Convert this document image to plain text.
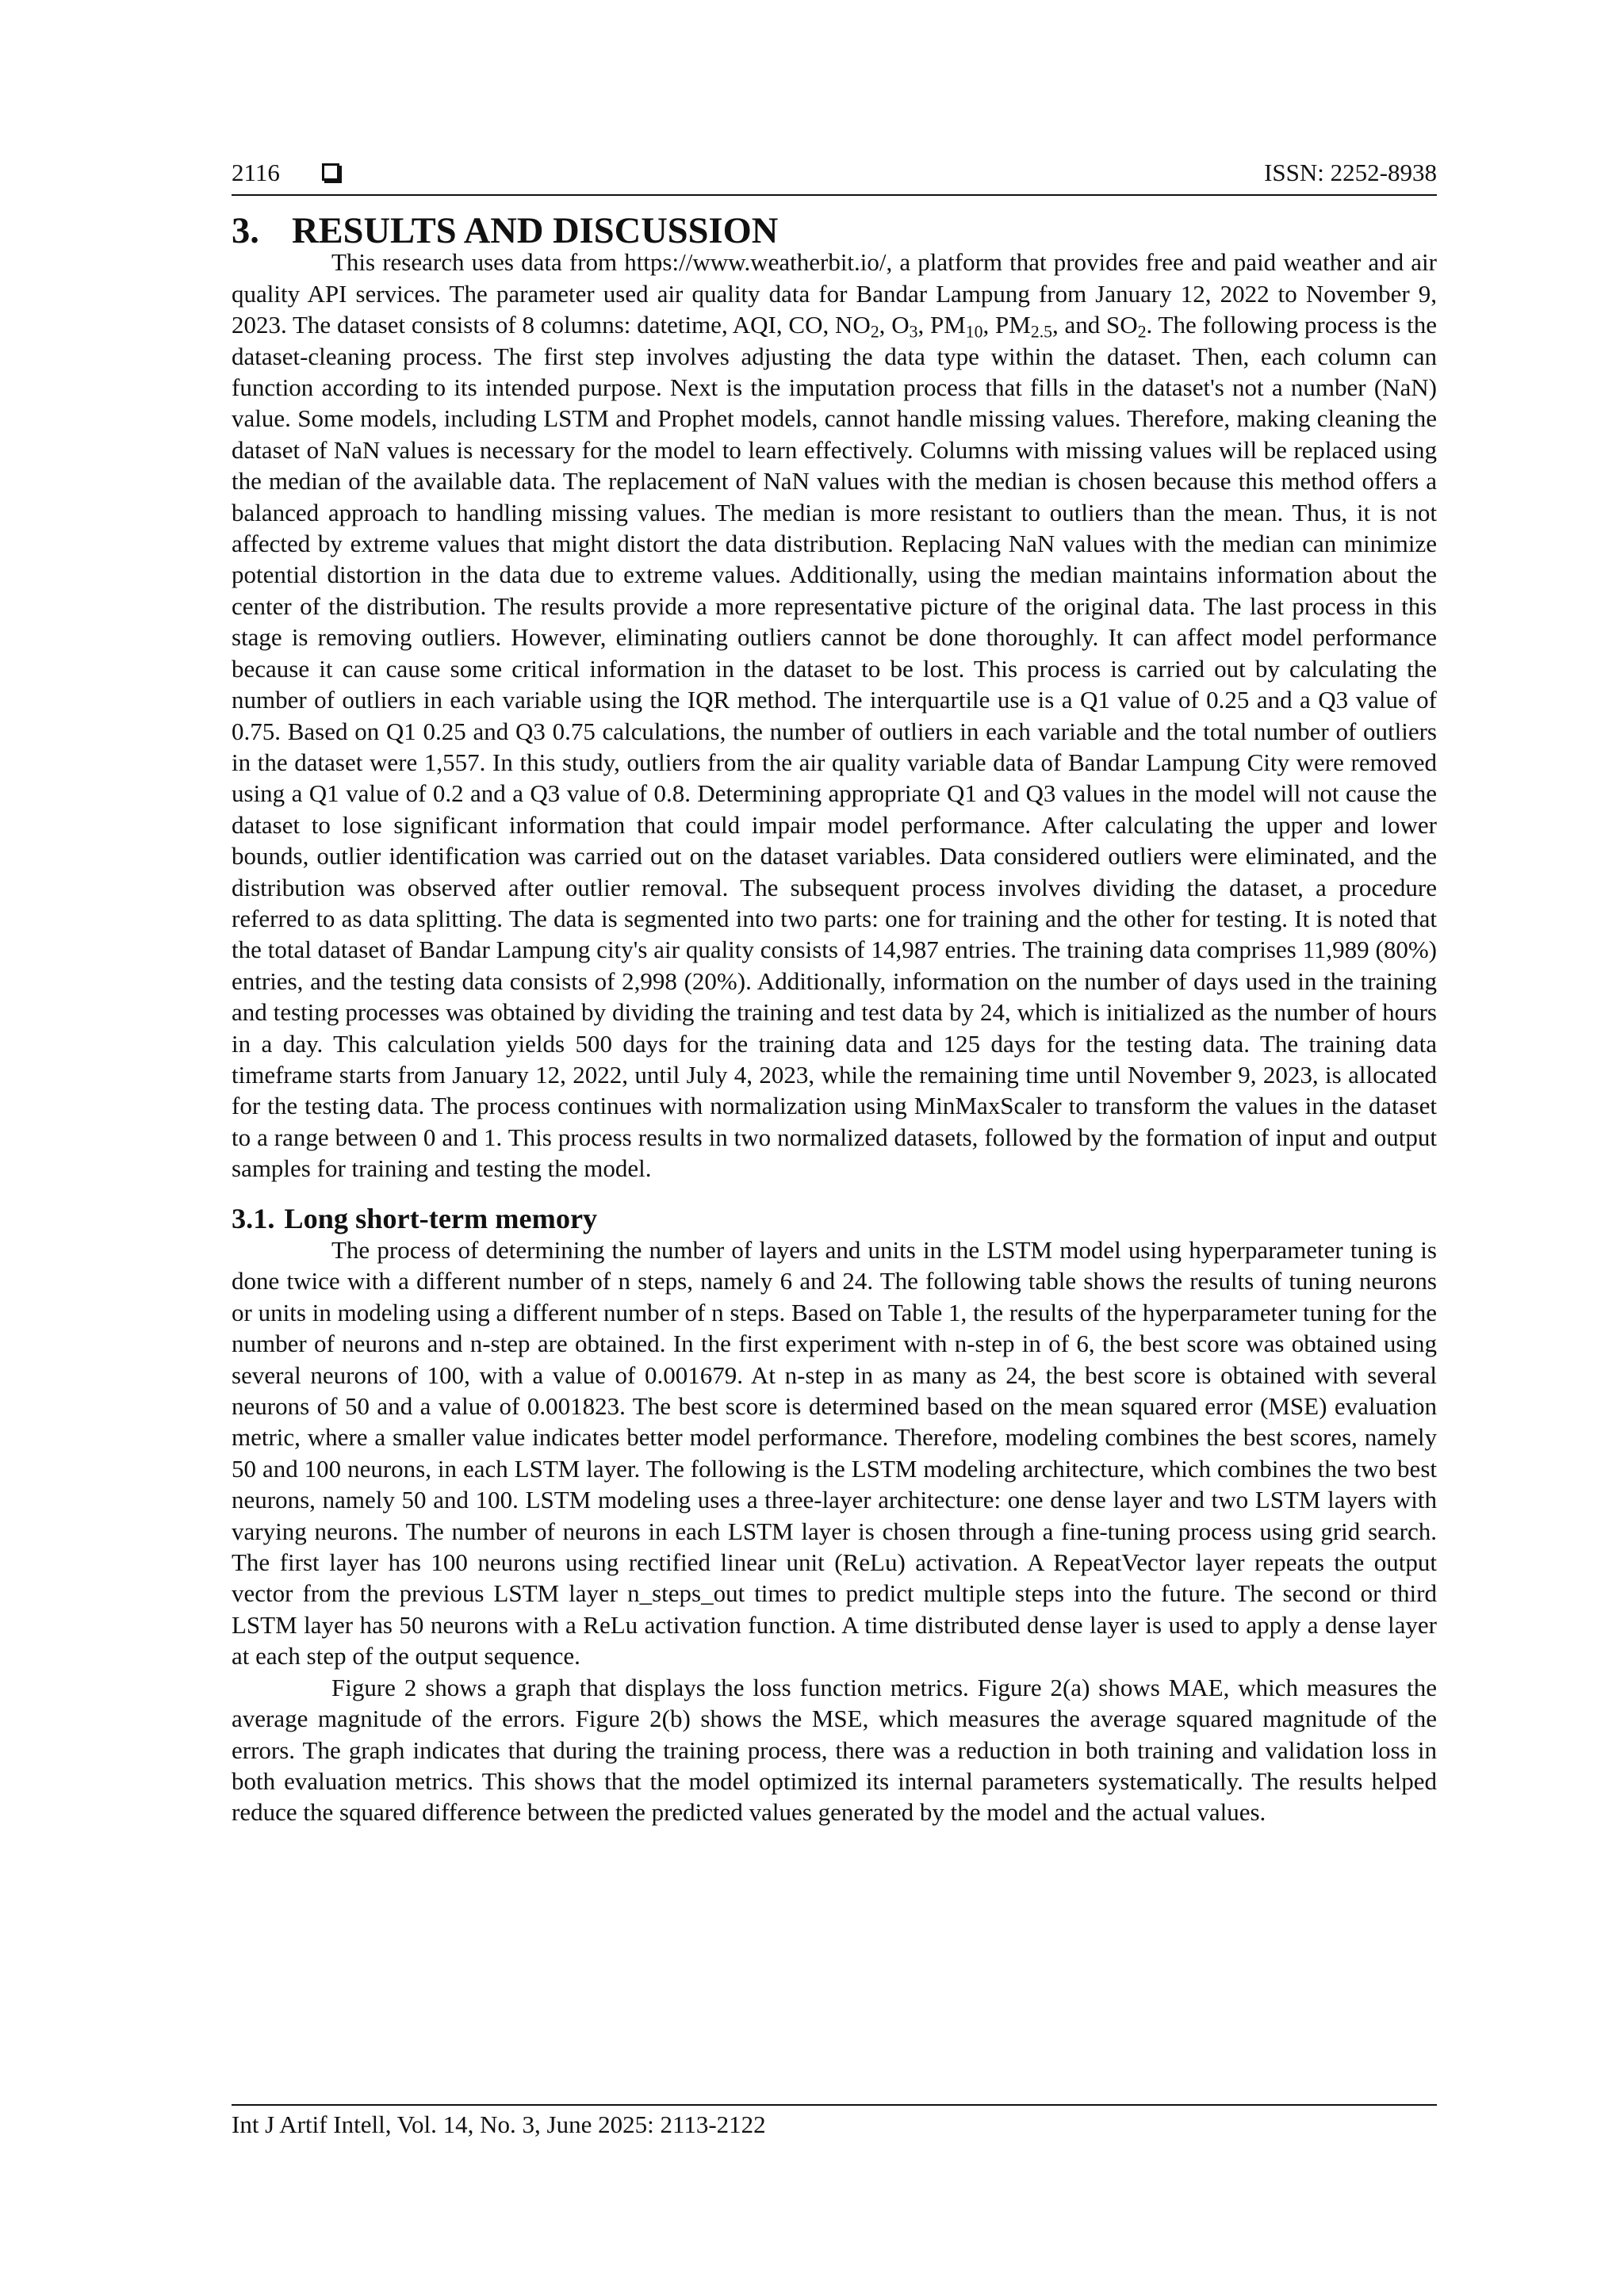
2116	ISSN: 2252-8938
3. RESULTS AND DISCUSSION

This research uses data from https://www.weatherbit.io/, a platform that provides free and paid weather and air quality API services. The parameter used air quality data for Bandar Lampung from January 12, 2022 to November 9, 2023. The dataset consists of 8 columns: datetime, AQI, CO, $NO_2$, $O_3$, $PM_{10}$, $PM_{2.5}$, and $SO_2$. The following process is the dataset-cleaning process. The first step involves adjusting the data type within the dataset. Then, each column can function according to its intended purpose. Next is the imputation process that fills in the dataset's not a number (NaN) value. Some models, including LSTM and Prophet models, cannot handle missing values. Therefore, making cleaning the dataset of NaN values is necessary for the model to learn effectively. Columns with missing values will be replaced using the median of the available data. The replacement of NaN values with the median is chosen because this method offers a balanced approach to handling missing values. The median is more resistant to outliers than the mean. Thus, it is not affected by extreme values that might distort the data distribution. Replacing NaN values with the median can minimize potential distortion in the data due to extreme values. Additionally, using the median maintains information about the center of the distribution. The results provide a more representative picture of the original data. The last process in this stage is removing outliers. However, eliminating outliers cannot be done thoroughly. It can affect model performance because it can cause some critical information in the dataset to be lost. This process is carried out by calculating the number of outliers in each variable using the IQR method. The interquartile use is a Q1 value of 0.25 and a Q3 value of 0.75. Based on Q1 0.25 and Q3 0.75 calculations, the number of outliers in each variable and the total number of outliers in the dataset were 1,557. In this study, outliers from the air quality variable data of Bandar Lampung City were removed using a Q1 value of 0.2 and a Q3 value of 0.8. Determining appropriate Q1 and Q3 values in the model will not cause the dataset to lose significant information that could impair model performance. After calculating the upper and lower bounds, outlier identification was carried out on the dataset variables. Data considered outliers were eliminated, and the distribution was observed after outlier removal. The subsequent process involves dividing the dataset, a procedure referred to as data splitting. The data is segmented into two parts: one for training and the other for testing. It is noted that the total dataset of Bandar Lampung city's air quality consists of 14,987 entries. The training data comprises 11,989 (80%) entries, and the testing data consists of 2,998 (20%). Additionally, information on the number of days used in the training and testing processes was obtained by dividing the training and test data by 24, which is initialized as the number of hours in a day. This calculation yields 500 days for the training data and 125 days for the testing data. The training data timeframe starts from January 12, 2022, until July 4, 2023, while the remaining time until November 9, 2023, is allocated for the testing data. The process continues with normalization using MinMaxScaler to transform the values in the dataset to a range between 0 and 1. This process results in two normalized datasets, followed by the formation of input and output samples for training and testing the model.

3.1. Long short-term memory

The process of determining the number of layers and units in the LSTM model using hyperparameter tuning is done twice with a different number of n steps, namely 6 and 24. The following table shows the results of tuning neurons or units in modeling using a different number of n steps. Based on Table 1, the results of the hyperparameter tuning for the number of neurons and n-step are obtained. In the first experiment with n-step in of 6, the best score was obtained using several neurons of 100, with a value of 0.001679. At n-step in as many as 24, the best score is obtained with several neurons of 50 and a value of 0.001823. The best score is determined based on the mean squared error (MSE) evaluation metric, where a smaller value indicates better model performance. Therefore, modeling combines the best scores, namely 50 and 100 neurons, in each LSTM layer. The following is the LSTM modeling architecture, which combines the two best neurons, namely 50 and 100. LSTM modeling uses a three-layer architecture: one dense layer and two LSTM layers with varying neurons. The number of neurons in each LSTM layer is chosen through a fine-tuning process using grid search. The first layer has 100 neurons using rectified linear unit (ReLu) activation. A RepeatVector layer repeats the output vector from the previous LSTM layer n_steps_out times to predict multiple steps into the future. The second or third LSTM layer has 50 neurons with a ReLu activation function. A time distributed dense layer is used to apply a dense layer at each step of the output sequence.

Figure 2 shows a graph that displays the loss function metrics. Figure 2(a) shows MAE, which measures the average magnitude of the errors. Figure 2(b) shows the MSE, which measures the average squared magnitude of the errors. The graph indicates that during the training process, there was a reduction in both training and validation loss in both evaluation metrics. This shows that the model optimized its internal parameters systematically. The results helped reduce the squared difference between the predicted values generated by the model and the actual values.

Int J Artif Intell, Vol. 14, No. 3, June 2025: 2113-2122
